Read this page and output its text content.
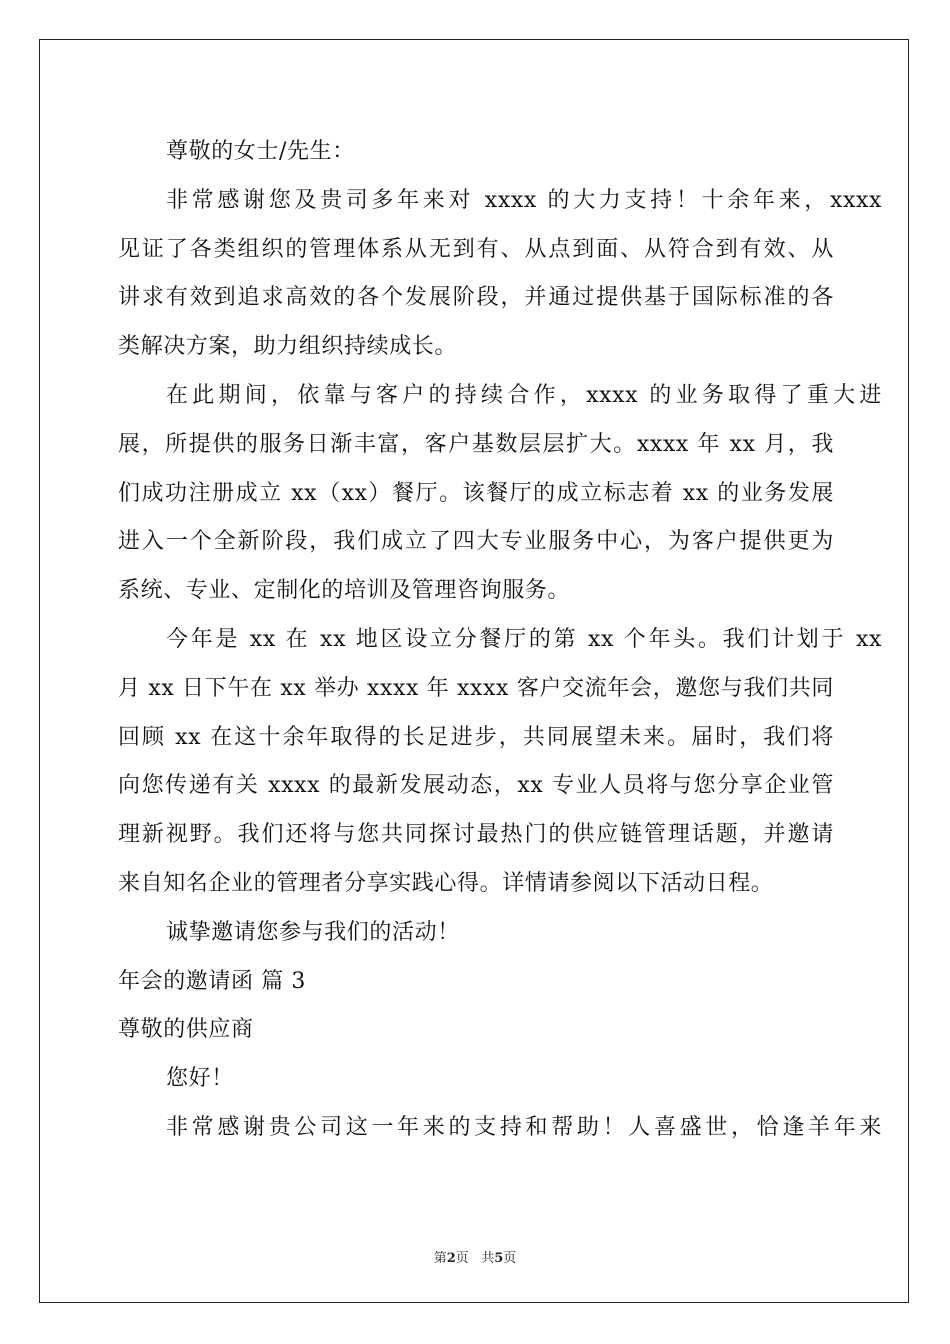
尊敬的女士/先生：
非常感谢您及贵司多年来对 xxxx 的大力支持！十余年来，xxxx
见证了各类组织的管理体系从无到有、从点到面、从符合到有效、从
讲求有效到追求高效的各个发展阶段，并通过提供基于国际标准的各
类解决方案，助力组织持续成长。
在此期间，依靠与客户的持续合作，xxxx 的业务取得了重大进
展，所提供的服务日渐丰富，客户基数层层扩大。xxxx 年 xx 月，我
们成功注册成立 xx（xx）餐厅。该餐厅的成立标志着 xx 的业务发展
进入一个全新阶段，我们成立了四大专业服务中心，为客户提供更为
系统、专业、定制化的培训及管理咨询服务。
今年是 xx 在 xx 地区设立分餐厅的第 xx 个年头。我们计划于 xx
月 xx 日下午在 xx 举办 xxxx 年 xxxx 客户交流年会，邀您与我们共同
回顾 xx 在这十余年取得的长足进步，共同展望未来。届时，我们将
向您传递有关 xxxx 的最新发展动态，xx 专业人员将与您分享企业管
理新视野。我们还将与您共同探讨最热门的供应链管理话题，并邀请
来自知名企业的管理者分享实践心得。详情请参阅以下活动日程。
诚挚邀请您参与我们的活动！
年会的邀请函 篇 3
尊敬的供应商
您好！
非常感谢贵公司这一年来的支持和帮助！人喜盛世，恰逢羊年来
第2页 共5页
